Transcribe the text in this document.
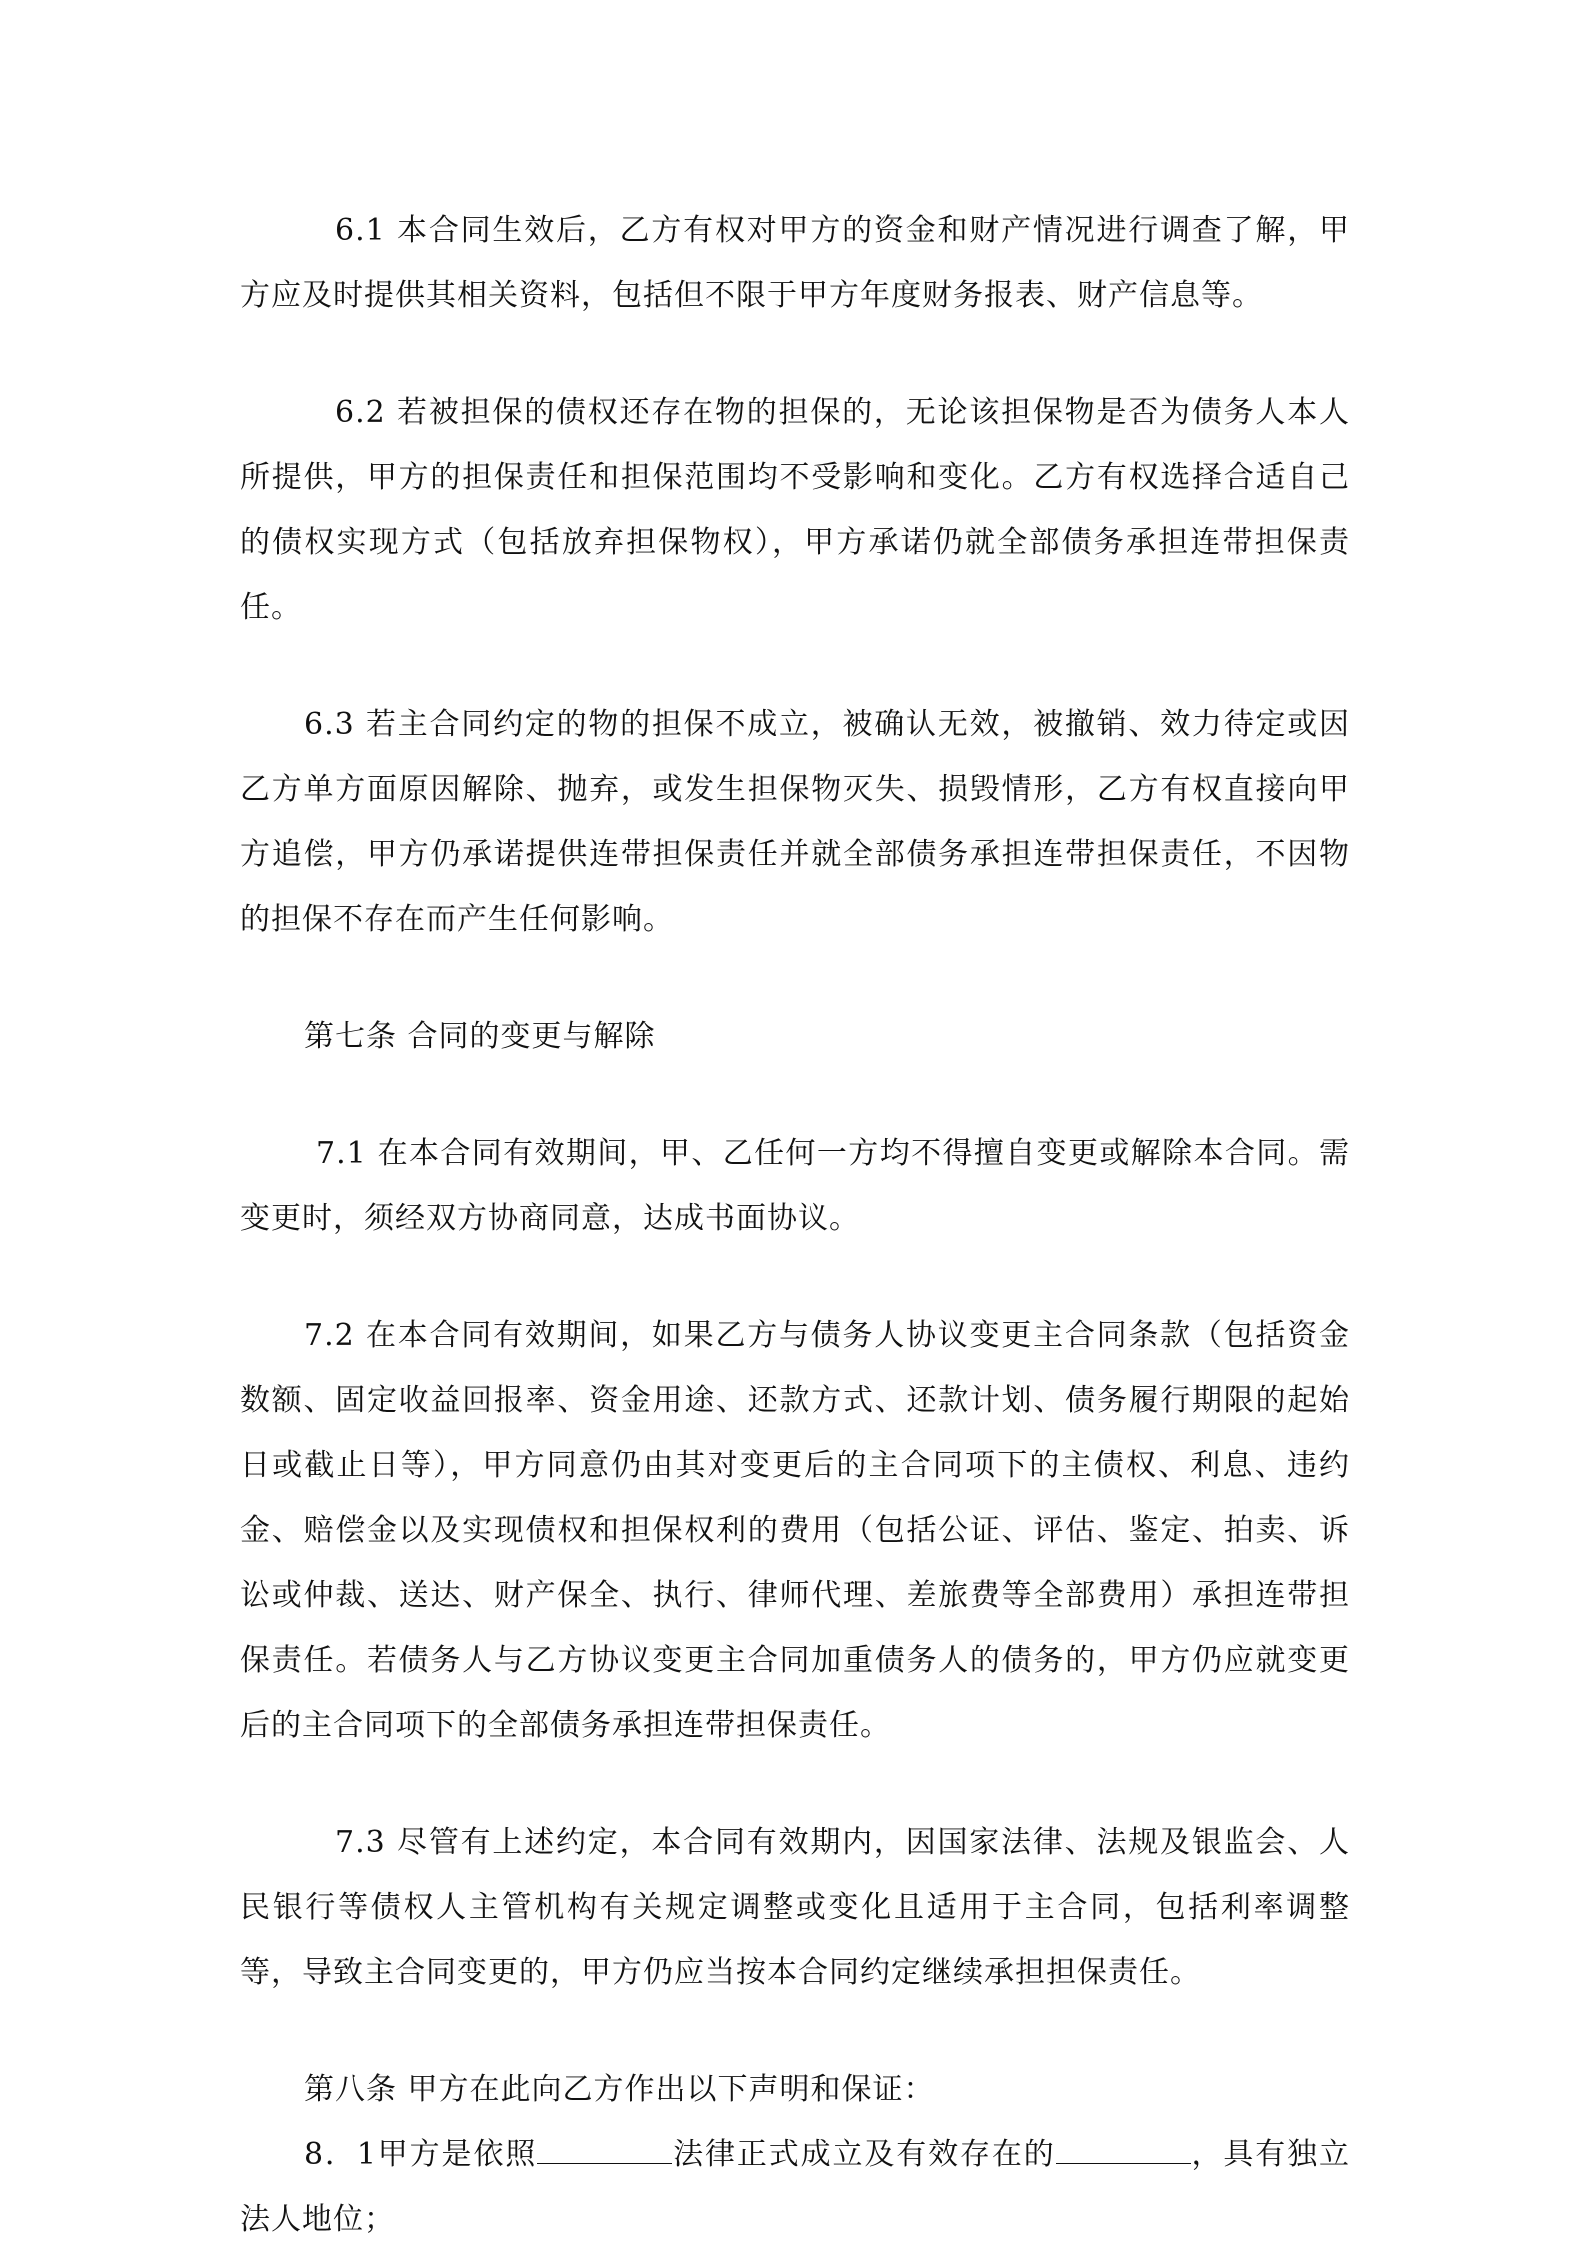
6.1 本合同生效后，乙方有权对甲方的资金和财产情况进行调查了解，甲方应及时提供其相关资料，包括但不限于甲方年度财务报表、财产信息等。

6.2 若被担保的债权还存在物的担保的，无论该担保物是否为债务人本人所提供，甲方的担保责任和担保范围均不受影响和变化。乙方有权选择合适自己的债权实现方式（包括放弃担保物权），甲方承诺仍就全部债务承担连带担保责任。

6.3 若主合同约定的物的担保不成立，被确认无效，被撤销、效力待定或因乙方单方面原因解除、抛弃，或发生担保物灭失、损毁情形，乙方有权直接向甲方追偿，甲方仍承诺提供连带担保责任并就全部债务承担连带担保责任，不因物的担保不存在而产生任何影响。

第七条 合同的变更与解除

7.1 在本合同有效期间，甲、乙任何一方均不得擅自变更或解除本合同。需变更时，须经双方协商同意，达成书面协议。

7.2 在本合同有效期间，如果乙方与债务人协议变更主合同条款（包括资金数额、固定收益回报率、资金用途、还款方式、还款计划、债务履行期限的起始日或截止日等），甲方同意仍由其对变更后的主合同项下的主债权、利息、违约金、赔偿金以及实现债权和担保权利的费用（包括公证、评估、鉴定、拍卖、诉讼或仲裁、送达、财产保全、执行、律师代理、差旅费等全部费用）承担连带担保责任。若债务人与乙方协议变更主合同加重债务人的债务的，甲方仍应就变更后的主合同项下的全部债务承担连带担保责任。

7.3 尽管有上述约定，本合同有效期内，因国家法律、法规及银监会、人民银行等债权人主管机构有关规定调整或变化且适用于主合同，包括利率调整等，导致主合同变更的，甲方仍应当按本合同约定继续承担担保责任。

第八条 甲方在此向乙方作出以下声明和保证：

8．1甲方是依照	法律正式成立及有效存在的	，具有独立法人地位；
